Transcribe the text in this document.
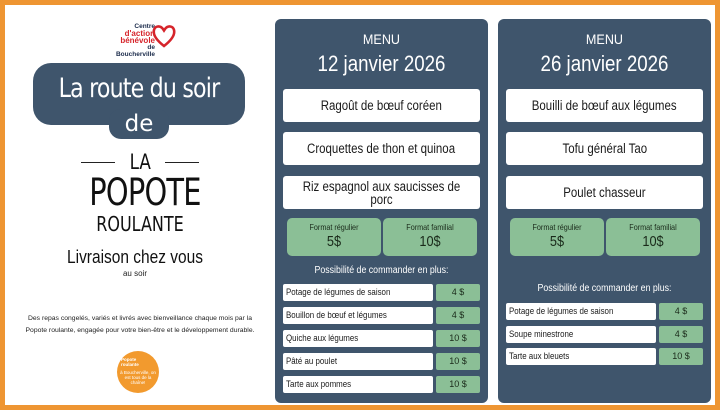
Centre
d'action
bénévole
de Boucherville
La route du soir
de
LA
POPOTE
ROULANTE
Livraison chez vous
au soir
Des repas congelés, variés et livrés avec bienveillance chaque mois par la
Popote roulante, engagée pour votre bien-être et le développement durable.
Popote roulante
à Boucherville, on est tous de la chaîne!
MENU
12 janvier 2026
Ragoût de bœuf coréen
Croquettes de thon et quinoa
Riz espagnol aux saucisses de porc
Format régulier
5$
Format familial
10$
Possibilité de commander en plus:
Potage de légumes de saison	4 $
Bouillon de bœuf et légumes	4 $
Quiche aux légumes	10 $
Pâté au poulet	10 $
Tarte aux pommes	10 $
MENU
26 janvier 2026
Bouilli de bœuf aux légumes
Tofu général Tao
Poulet chasseur
Format régulier
5$
Format familial
10$
Possibilité de commander en plus:
Potage de légumes de saison	4 $
Soupe minestrone	4 $
Tarte aux bleuets	10 $
